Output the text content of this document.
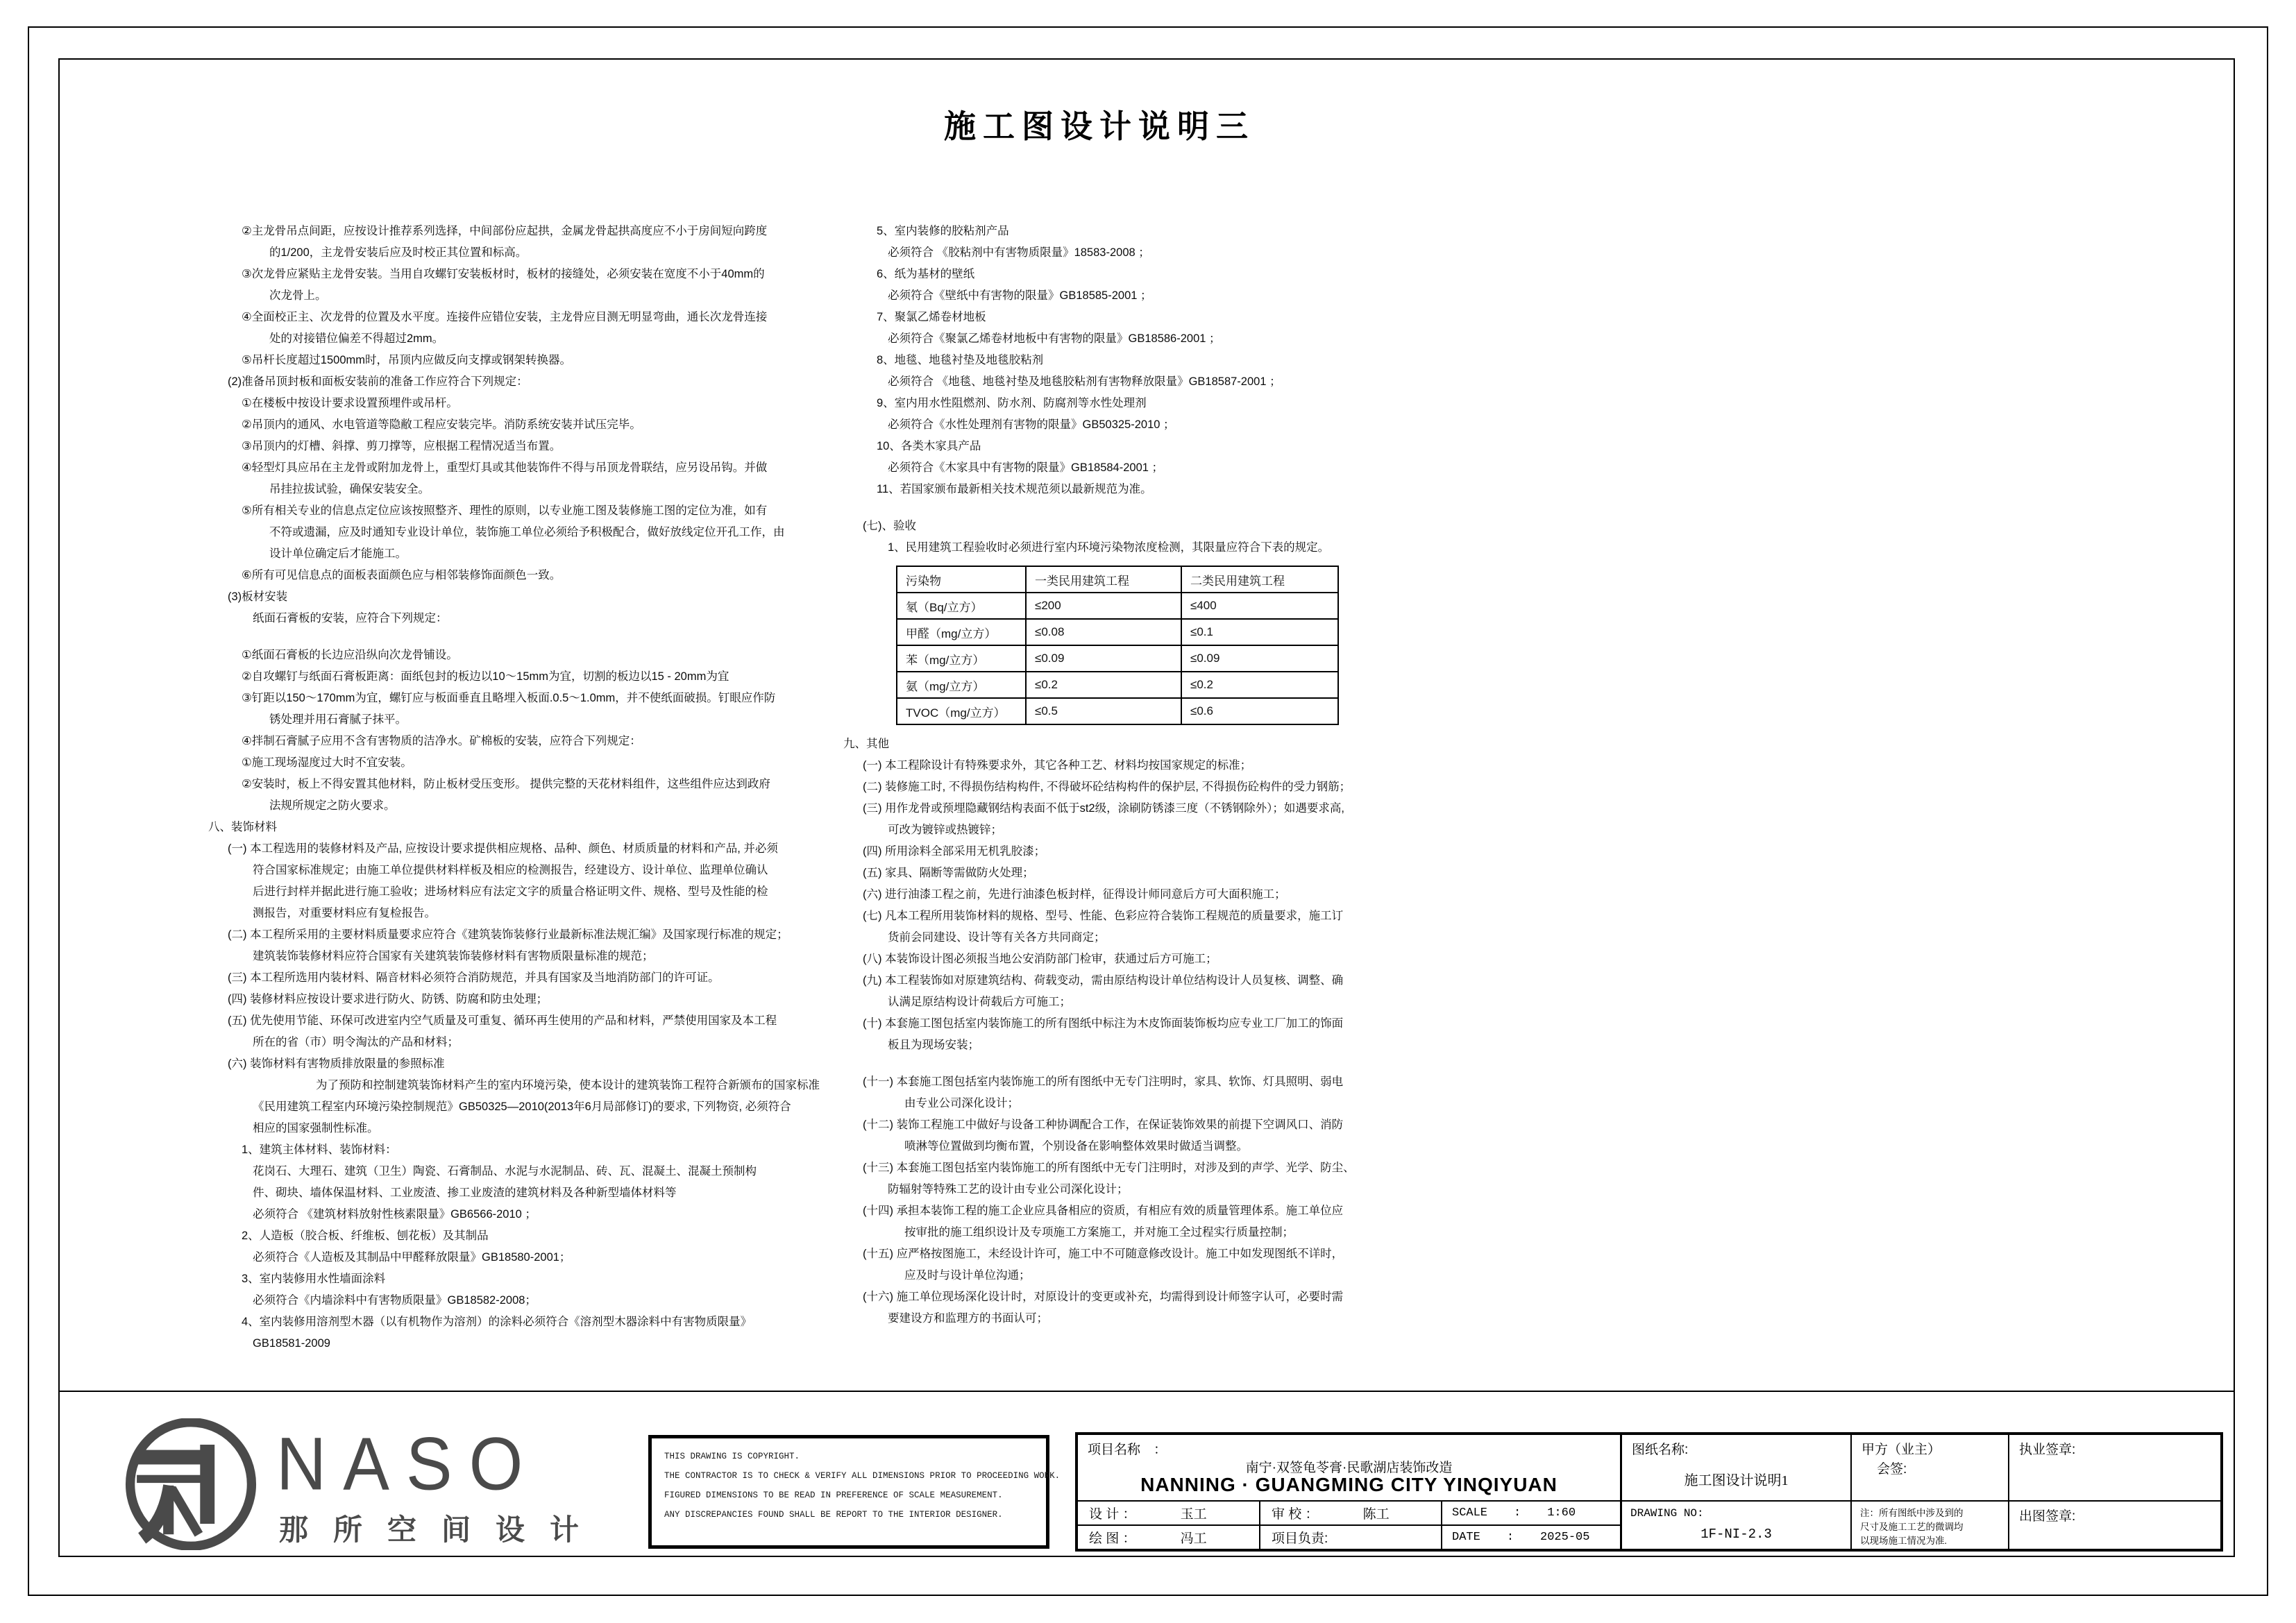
施工图设计说明三
②主龙骨吊点间距，应按设计推荐系列选择，中间部份应起拱，金属龙骨起拱高度应不小于房间短向跨度
的1/200，主龙骨安装后应及时校正其位置和标高。
③次龙骨应紧贴主龙骨安装。当用自攻螺钉安装板材时，板材的接缝处，必须安装在宽度不小于40mm的
次龙骨上。
④全面校正主、次龙骨的位置及水平度。连接件应错位安装，主龙骨应目测无明显弯曲，通长次龙骨连接
处的对接错位偏差不得超过2mm。
⑤吊杆长度超过1500mm时，吊顶内应做反向支撑或钢架转换器。
(2)准备吊顶封板和面板安装前的准备工作应符合下列规定：
①在楼板中按设计要求设置预埋件或吊杆。
②吊顶内的通风、水电管道等隐敝工程应安装完毕。消防系统安装并试压完毕。
③吊顶内的灯槽、斜撑、剪刀撑等，应根据工程情况适当布置。
④轻型灯具应吊在主龙骨或附加龙骨上，重型灯具或其他装饰件不得与吊顶龙骨联结，应另设吊钩。并做
吊挂拉拔试验，确保安装安全。
⑤所有相关专业的信息点定位应该按照整齐、理性的原则，以专业施工图及装修施工图的定位为准，如有
不符或遗漏，应及时通知专业设计单位，装饰施工单位必须给予积极配合，做好放线定位开孔工作，由
设计单位确定后才能施工。
⑥所有可见信息点的面板表面颜色应与相邻装修饰面颜色一致。
(3)板材安装
纸面石膏板的安装，应符合下列规定：
①纸面石膏板的长边应沿纵向次龙骨铺设。
②自攻螺钉与纸面石膏板距离：面纸包封的板边以10～15mm为宜，切割的板边以15 - 20mm为宜
③钉距以150～170mm为宜，螺钉应与板面垂直且略埋入板面.0.5～1.0mm，并不使纸面破损。钉眼应作防
锈处理并用石膏腻子抹平。
④拌制石膏腻子应用不含有害物质的洁净水。矿棉板的安装，应符合下列规定：
①施工现场湿度过大时不宜安装。
②安装时，板上不得安置其他材料，防止板材受压变形。 提供完整的天花材料组件，这些组件应达到政府
法规所规定之防火要求。
八、装饰材料
(一) 本工程选用的装修材料及产品, 应按设计要求提供相应规格、品种、颜色、材质质量的材料和产品, 并必须
符合国家标准规定；由施工单位提供材料样板及相应的检测报告，经建设方、设计单位、监理单位确认
后进行封样并据此进行施工验收；进场材料应有法定文字的质量合格证明文件、规格、型号及性能的检
测报告，对重要材料应有复检报告。
(二) 本工程所采用的主要材料质量要求应符合《建筑装饰装修行业最新标准法规汇编》及国家现行标准的规定；
建筑装饰装修材料应符合国家有关建筑装饰装修材料有害物质限量标准的规范；
(三) 本工程所选用内装材料、隔音材料必须符合消防规范，并具有国家及当地消防部门的许可证。
(四) 装修材料应按设计要求进行防火、防锈、防腐和防虫处理；
(五) 优先使用节能、环保可改进室内空气质量及可重复、循环再生使用的产品和材料，严禁使用国家及本工程
所在的省（市）明令淘汰的产品和材料；
(六) 装饰材料有害物质排放限量的参照标准
为了预防和控制建筑装饰材料产生的室内环境污染，使本设计的建筑装饰工程符合新颁布的国家标准
《民用建筑工程室内环境污染控制规范》GB50325—2010(2013年6月局部修订)的要求, 下列物资, 必须符合
相应的国家强制性标准。
1、建筑主体材料、装饰材料：
花岗石、大理石、建筑（卫生）陶瓷、石膏制品、水泥与水泥制品、砖、瓦、混凝土、混凝土预制构
件、砌块、墙体保温材料、工业废渣、掺工业废渣的建筑材料及各种新型墙体材料等
必须符合 《建筑材料放射性核素限量》GB6566-2010 ；
2、人造板（胶合板、纤维板、刨花板）及其制品
必须符合《人造板及其制品中甲醛释放限量》GB18580-2001；
3、室内装修用水性墙面涂料
必须符合《内墙涂料中有害物质限量》GB18582-2008；
4、室内装修用溶剂型木器（以有机物作为溶剂）的涂料必须符合《溶剂型木器涂料中有害物质限量》
GB18581-2009
5、室内装修的胶粘剂产品
必须符合 《胶粘剂中有害物质限量》18583-2008 ；
6、纸为基材的壁纸
必须符合《壁纸中有害物的限量》GB18585-2001 ；
7、聚氯乙烯卷材地板
必须符合《聚氯乙烯卷材地板中有害物的限量》GB18586-2001 ；
8、地毯、地毯衬垫及地毯胶粘剂
必须符合 《地毯、地毯衬垫及地毯胶粘剂有害物释放限量》GB18587-2001 ；
9、室内用水性阻燃剂、防水剂、防腐剂等水性处理剂
必须符合《水性处理剂有害物的限量》GB50325-2010 ；
10、各类木家具产品
必须符合《木家具中有害物的限量》GB18584-2001 ；
11、若国家颁布最新相关技术规范须以最新规范为准。
(七)、验收
1、民用建筑工程验收时必须进行室内环境污染物浓度检测，其限量应符合下表的规定。
污染物	一类民用建筑工程	二类民用建筑工程
氡（Bq/立方）	≤200	≤400
甲醛（mg/立方）	≤0.08	≤0.1
苯（mg/立方）	≤0.09	≤0.09
氨（mg/立方）	≤0.2	≤0.2
TVOC（mg/立方）	≤0.5	≤0.6
九、其他
(一) 本工程除设计有特殊要求外，其它各种工艺、材料均按国家规定的标准；
(二) 装修施工时, 不得损伤结构构件, 不得破坏砼结构构件的保护层, 不得损伤砼构件的受力钢筋；
(三) 用作龙骨或预埋隐藏钢结构表面不低于st2级，涂刷防锈漆三度（不锈钢除外）；如遇要求高,
可改为镀锌或热镀锌；
(四) 所用涂料全部采用无机乳胶漆；
(五) 家具、隔断等需做防火处理；
(六) 进行油漆工程之前，先进行油漆色板封样，征得设计师同意后方可大面积施工；
(七) 凡本工程所用装饰材料的规格、型号、性能、色彩应符合装饰工程规范的质量要求，施工订
货前会同建设、设计等有关各方共同商定；
(八) 本装饰设计图必须报当地公安消防部门检审，获通过后方可施工；
(九) 本工程装饰如对原建筑结构、荷载变动，需由原结构设计单位结构设计人员复核、调整、确
认满足原结构设计荷载后方可施工；
(十) 本套施工图包括室内装饰施工的所有图纸中标注为木皮饰面装饰板均应专业工厂加工的饰面
板且为现场安装；
(十一) 本套施工图包括室内装饰施工的所有图纸中无专门注明时，家具、软饰、灯具照明、弱电
由专业公司深化设计；
(十二) 装饰工程施工中做好与设备工种协调配合工作，在保证装饰效果的前提下空调风口、消防
喷淋等位置做到均衡布置，个别设备在影响整体效果时做适当调整。
(十三) 本套施工图包括室内装饰施工的所有图纸中无专门注明时，对涉及到的声学、光学、防尘、
防辐射等特殊工艺的设计由专业公司深化设计；
(十四) 承担本装饰工程的施工企业应具备相应的资质，有相应有效的质量管理体系。施工单位应
按审批的施工组织设计及专项施工方案施工，并对施工全过程实行质量控制；
(十五) 应严格按图施工，未经设计许可，施工中不可随意修改设计。施工中如发现图纸不详时，
应及时与设计单位沟通；
(十六) 施工单位现场深化设计时，对原设计的变更或补充，均需得到设计师签字认可，必要时需
要建设方和监理方的书面认可；
NASO
那所空间设计
THIS DRAWING IS COPYRIGHT.
THE CONTRACTOR IS TO CHECK & VERIFY ALL DIMENSIONS PRIOR TO PROCEEDING WORK.
FIGURED DIMENSIONS TO BE READ IN PREFERENCE OF SCALE MEASUREMENT.
ANY DISCREPANCIES FOUND SHALL BE REPORT TO THE INTERIOR DESIGNER.
项目名称　：
南宁·双签龟苓膏·民歌湖店装饰改造
NANNING · GUANGMING CITY YINQIYUAN
图纸名称:
施工图设计说明1
甲方（业主）
会签:
执业签章:
设 计 ：	玉工	审 校 ：	陈工	SCALE : 1:60
绘 图 ：	冯工	项目负责:	DATE : 2025-05
DRAWING NO:
1F-NI-2.3
注：所有图纸中涉及到的
尺寸及施工工艺的微调均
以现场施工情况为准.
出图签章:
